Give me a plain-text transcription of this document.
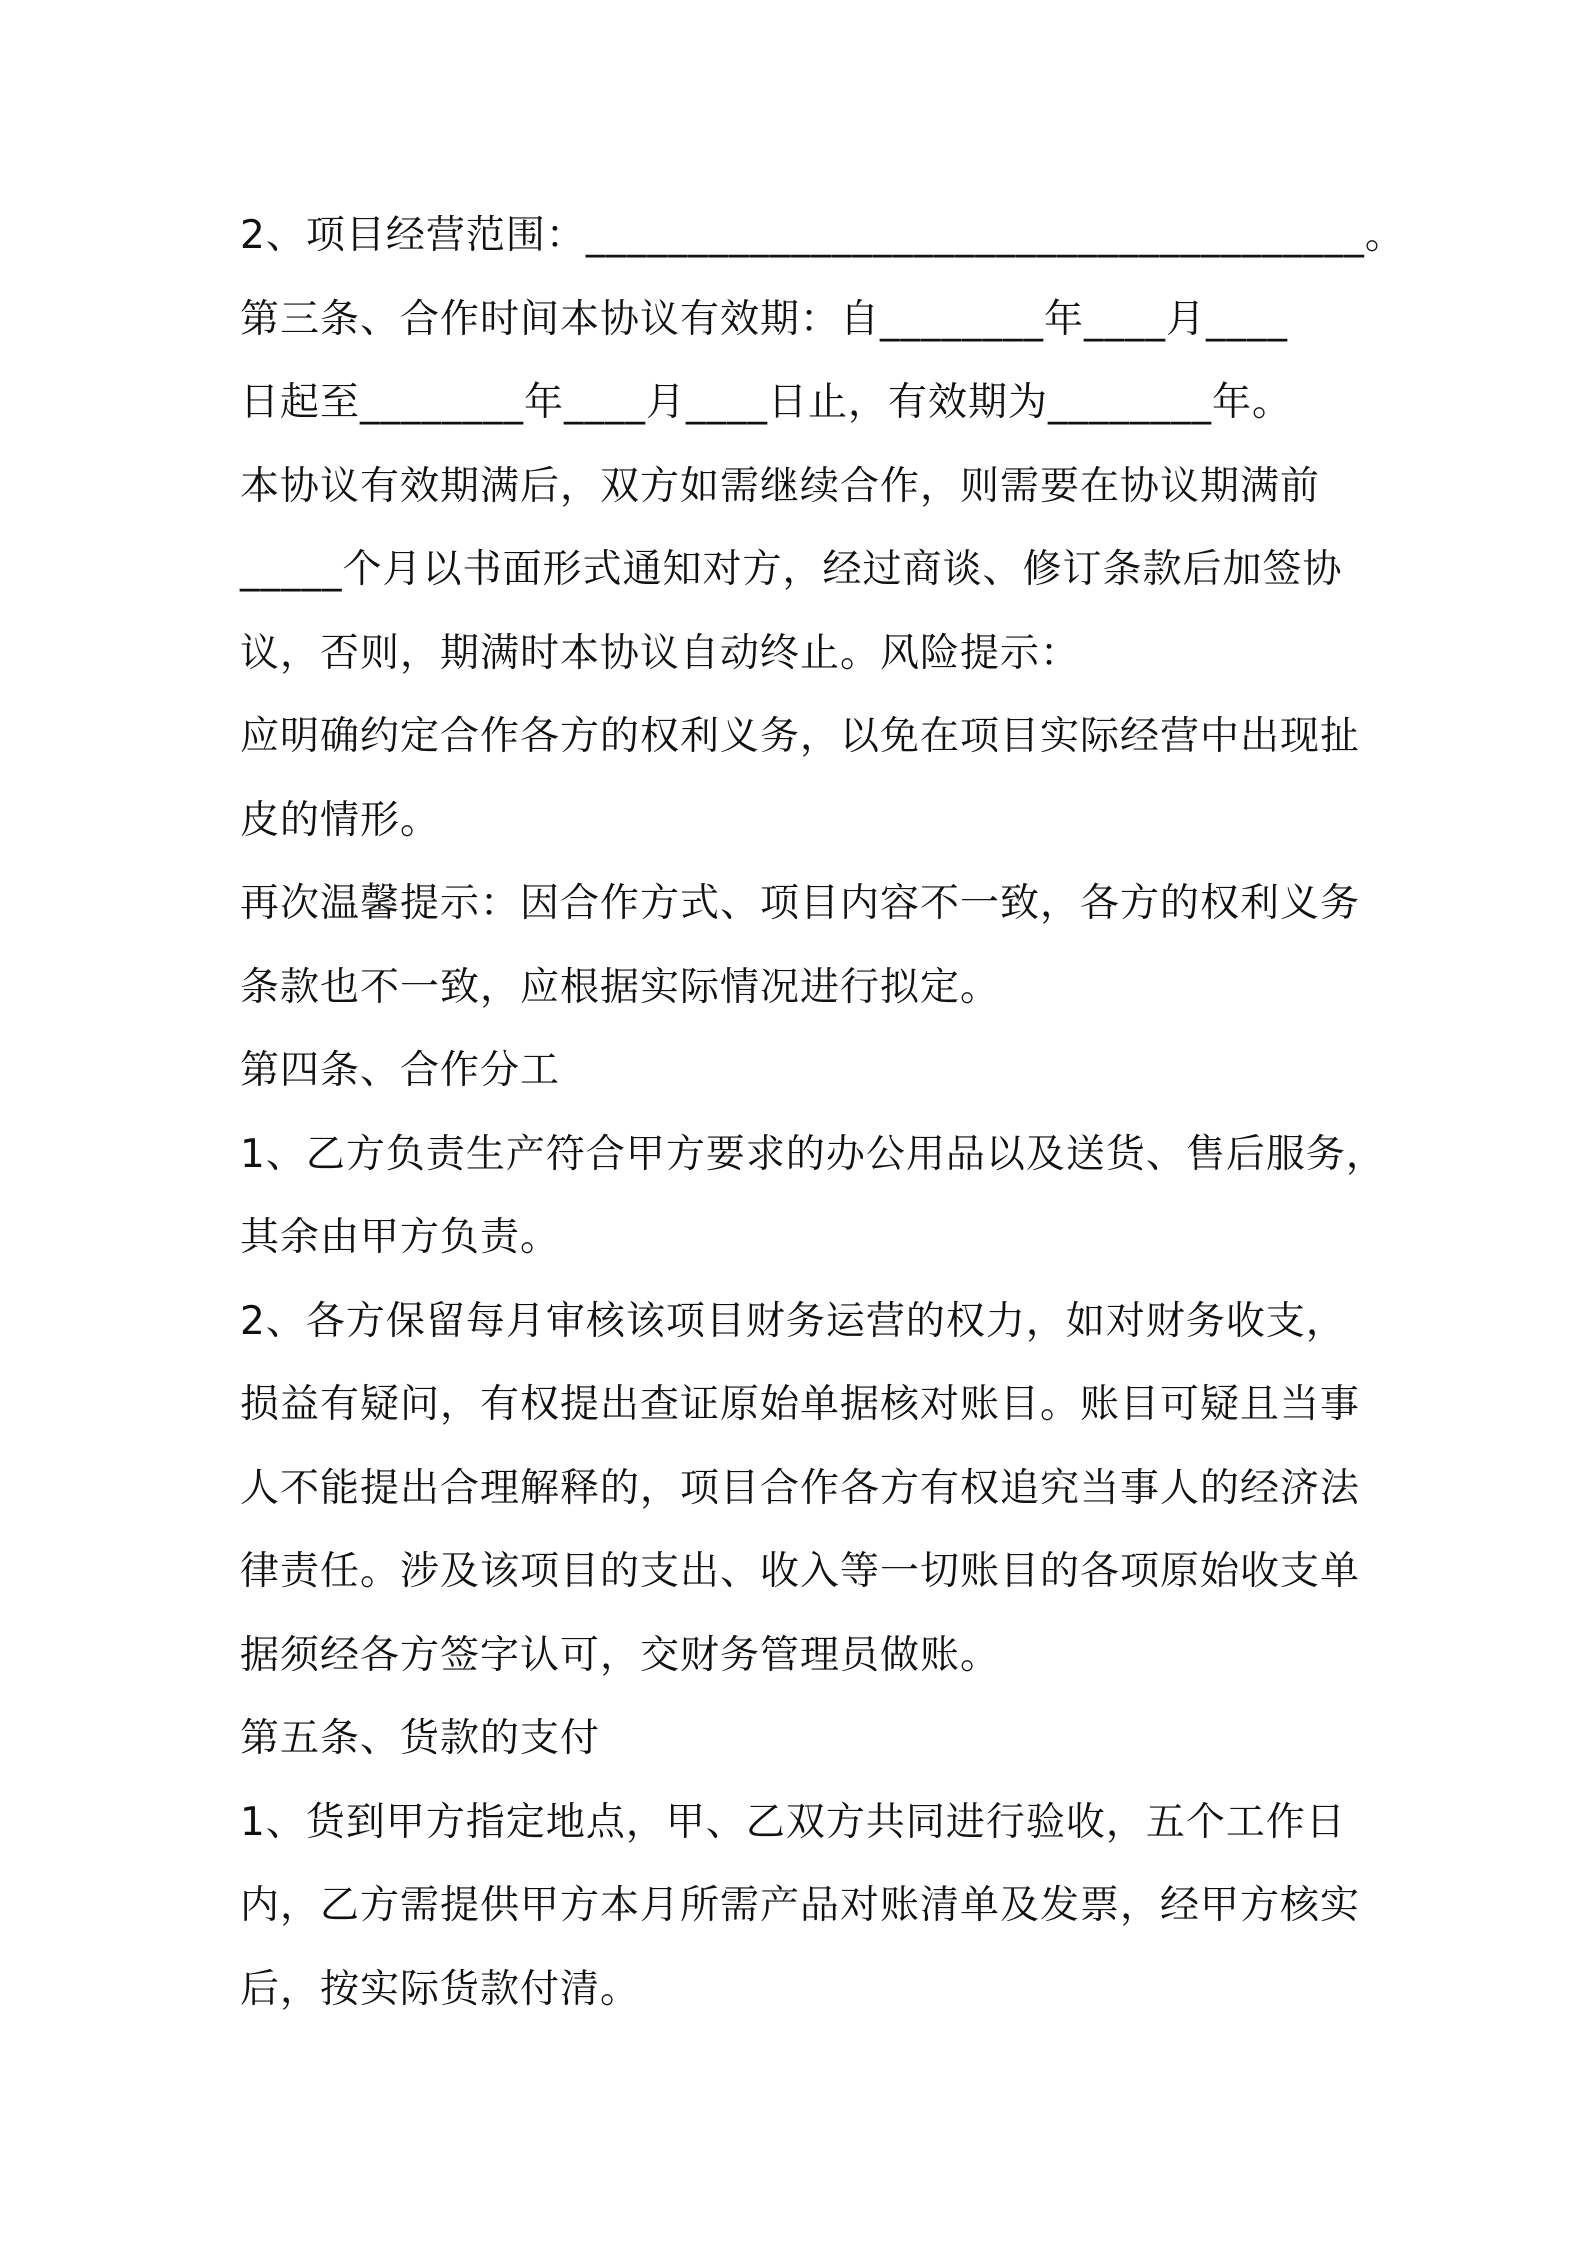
2、项目经营范围：______________________________________。
第三条、合作时间本协议有效期：自________年____月____
日起至________年____月____日止，有效期为________年。
本协议有效期满后，双方如需继续合作，则需要在协议期满前
_____个月以书面形式通知对方，经过商谈、修订条款后加签协
议，否则，期满时本协议自动终止。风险提示：
应明确约定合作各方的权利义务，以免在项目实际经营中出现扯
皮的情形。
再次温馨提示：因合作方式、项目内容不一致，各方的权利义务
条款也不一致，应根据实际情况进行拟定。
第四条、合作分工
1、乙方负责生产符合甲方要求的办公用品以及送货、售后服务，
其余由甲方负责。
2、各方保留每月审核该项目财务运营的权力，如对财务收支，
损益有疑问，有权提出查证原始单据核对账目。账目可疑且当事
人不能提出合理解释的，项目合作各方有权追究当事人的经济法
律责任。涉及该项目的支出、收入等一切账目的各项原始收支单
据须经各方签字认可，交财务管理员做账。
第五条、货款的支付
1、货到甲方指定地点，甲、乙双方共同进行验收，五个工作日
内，乙方需提供甲方本月所需产品对账清单及发票，经甲方核实
后，按实际货款付清。
